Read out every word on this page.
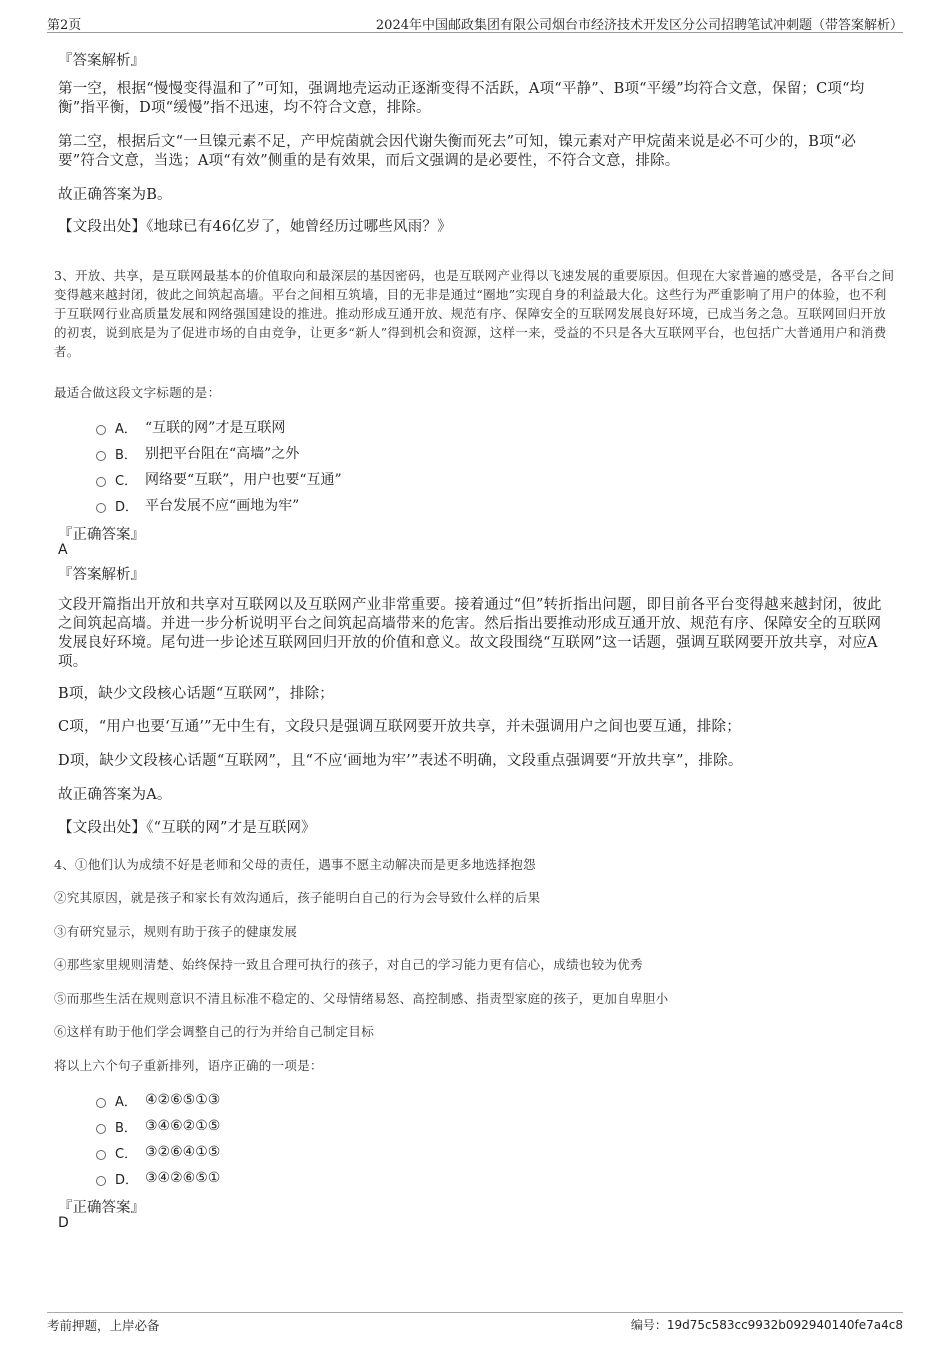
第2页	2024年中国邮政集团有限公司烟台市经济技术开发区分公司招聘笔试冲刺题（带答案解析）

『答案解析』

第一空，根据“慢慢变得温和了”可知，强调地壳运动正逐渐变得不活跃，A项“平静”、B项“平缓”均符合文意，保留；C项“均衡”指平衡，D项“缓慢”指不迅速，均不符合文意，排除。

第二空，根据后文“一旦镍元素不足，产甲烷菌就会因代谢失衡而死去”可知，镍元素对产甲烷菌来说是必不可少的，B项“必要”符合文意，当选；A项“有效”侧重的是有效果，而后文强调的是必要性，不符合文意，排除。

故正确答案为B。

【文段出处】《地球已有46亿岁了，她曾经历过哪些风雨？》

3、开放、共享，是互联网最基本的价值取向和最深层的基因密码，也是互联网产业得以飞速发展的重要原因。但现在大家普遍的感受是，各平台之间变得越来越封闭，彼此之间筑起高墙。平台之间相互筑墙，目的无非是通过“圈地”实现自身的利益最大化。这些行为严重影响了用户的体验，也不利于互联网行业高质量发展和网络强国建设的推进。推动形成互通开放、规范有序、保障安全的互联网发展良好环境，已成当务之急。互联网回归开放的初衷，说到底是为了促进市场的自由竞争，让更多“新人”得到机会和资源，这样一来，受益的不只是各大互联网平台，也包括广大普通用户和消费者。

最适合做这段文字标题的是：

A． “互联的网”才是互联网
B． 别把平台阻在“高墙”之外
C． 网络要“互联”，用户也要“互通”
D． 平台发展不应“画地为牢”

『正确答案』

A

『答案解析』

文段开篇指出开放和共享对互联网以及互联网产业非常重要。接着通过“但”转折指出问题，即目前各平台变得越来越封闭，彼此之间筑起高墙。并进一步分析说明平台之间筑起高墙带来的危害。然后指出要推动形成互通开放、规范有序、保障安全的互联网发展良好环境。尾句进一步论述互联网回归开放的价值和意义。故文段围绕“互联网”这一话题，强调互联网要开放共享，对应A项。

B项，缺少文段核心话题“互联网”，排除；

C项，“用户也要‘互通’”无中生有，文段只是强调互联网要开放共享，并未强调用户之间也要互通，排除；

D项，缺少文段核心话题“互联网”，且“不应‘画地为牢’”表述不明确，文段重点强调要“开放共享”，排除。

故正确答案为A。

【文段出处】《“互联的网”才是互联网》

4、①他们认为成绩不好是老师和父母的责任，遇事不愿主动解决而是更多地选择抱怨

②究其原因，就是孩子和家长有效沟通后，孩子能明白自己的行为会导致什么样的后果

③有研究显示，规则有助于孩子的健康发展

④那些家里规则清楚、始终保持一致且合理可执行的孩子，对自己的学习能力更有信心，成绩也较为优秀

⑤而那些生活在规则意识不清且标准不稳定的、父母情绪易怒、高控制感、指责型家庭的孩子，更加自卑胆小

⑥这样有助于他们学会调整自己的行为并给自己制定目标

将以上六个句子重新排列，语序正确的一项是：

A． ④②⑥⑤①③
B． ③④⑥②①⑤
C． ③②⑥④①⑤
D． ③④②⑥⑤①

『正确答案』

D

考前押题，上岸必备	编号：19d75c583cc9932b092940140fe7a4c8
